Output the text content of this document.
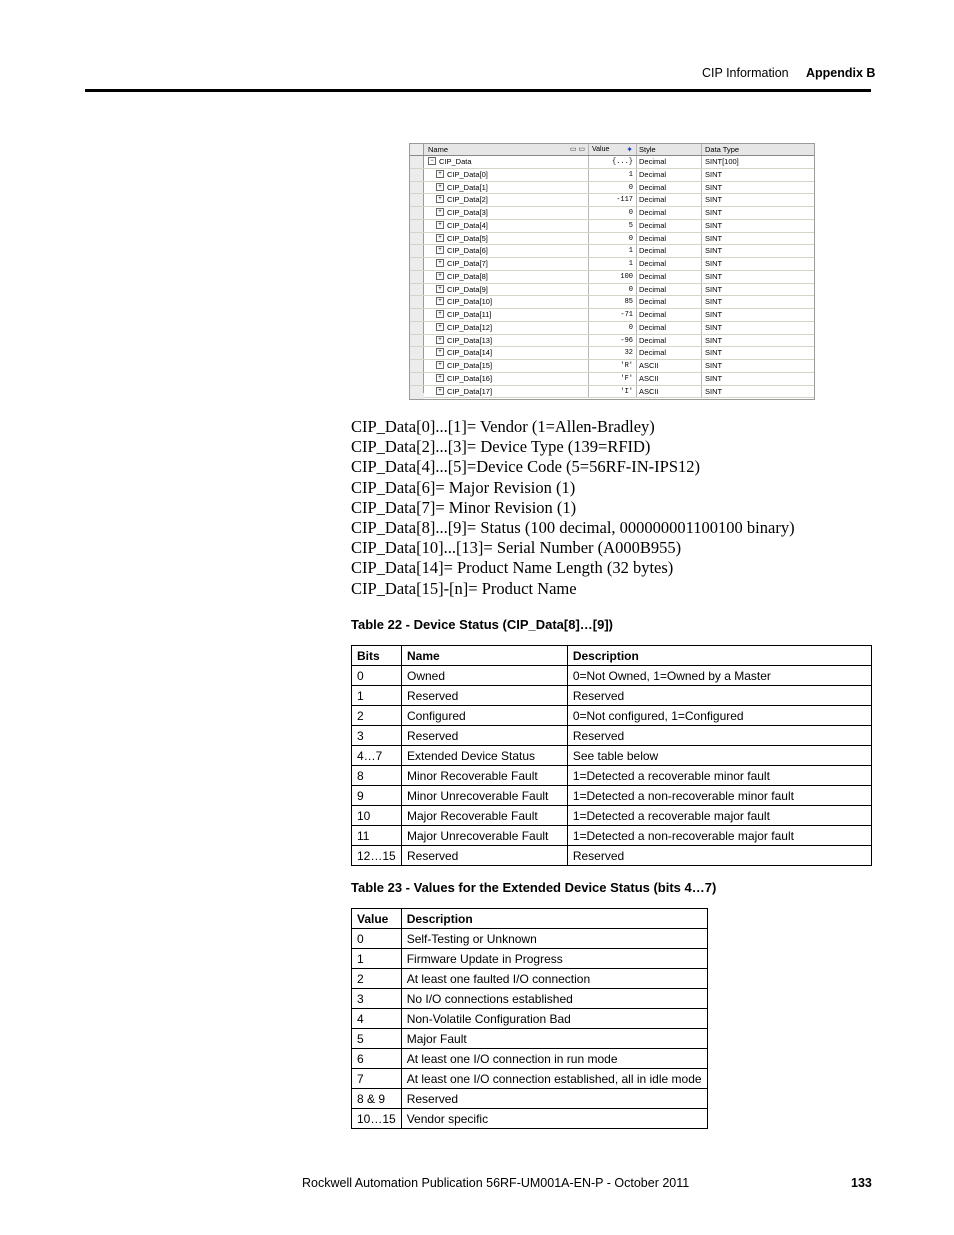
CIP Information Appendix B
Name	▭ ▭	Value ✦ Style	Data Type
− CIP_Data	{...} Decimal	SINT[100]
+ CIP_Data[0]	1 Decimal	SINT
+ CIP_Data[1]	0 Decimal	SINT
+ CIP_Data[2]	-117 Decimal	SINT
+ CIP_Data[3]	0 Decimal	SINT
+ CIP_Data[4]	5 Decimal	SINT
+ CIP_Data[5]	0 Decimal	SINT
+ CIP_Data[6]	1 Decimal	SINT
+ CIP_Data[7]	1 Decimal	SINT
+ CIP_Data[8]	100 Decimal	SINT
+ CIP_Data[9]	0 Decimal	SINT
+ CIP_Data[10]	85 Decimal	SINT
+ CIP_Data[11]	-71 Decimal	SINT
+ CIP_Data[12]	0 Decimal	SINT
+ CIP_Data[13]	-96 Decimal	SINT
+ CIP_Data[14]	32 Decimal	SINT
+ CIP_Data[15]	'R' ASCII	SINT
+ CIP_Data[16]	'F' ASCII	SINT
+ CIP_Data[17]	'I' ASCII	SINT
CIP_Data[0]...[1]= Vendor (1=Allen-Bradley)
CIP_Data[2]...[3]= Device Type (139=RFID)
CIP_Data[4]...[5]=Device Code (5=56RF-IN-IPS12)
CIP_Data[6]= Major Revision (1)
CIP_Data[7]= Minor Revision (1)
CIP_Data[8]...[9]= Status (100 decimal, 000000001100100 binary)
CIP_Data[10]...[13]= Serial Number (A000B955)
CIP_Data[14]= Product Name Length (32 bytes)
CIP_Data[15]-[n]= Product Name
Table 22 - Device Status (CIP_Data[8]…[9])
Bits	Name	Description
0	Owned	0=Not Owned, 1=Owned by a Master
1	Reserved	Reserved
2	Configured	0=Not configured, 1=Configured
3	Reserved	Reserved
4…7	Extended Device Status	See table below
8	Minor Recoverable Fault	1=Detected a recoverable minor fault
9	Minor Unrecoverable Fault	1=Detected a non-recoverable minor fault
10	Major Recoverable Fault	1=Detected a recoverable major fault
11	Major Unrecoverable Fault	1=Detected a non-recoverable major fault
12…15	Reserved	Reserved
Table 23 - Values for the Extended Device Status (bits 4…7)
Value	Description
0	Self-Testing or Unknown
1	Firmware Update in Progress
2	At least one faulted I/O connection
3	No I/O connections established
4	Non-Volatile Configuration Bad
5	Major Fault
6	At least one I/O connection in run mode
7	At least one I/O connection established, all in idle mode
8 & 9	Reserved
10…15	Vendor specific
Rockwell Automation Publication 56RF-UM001A-EN-P - October 2011	133
